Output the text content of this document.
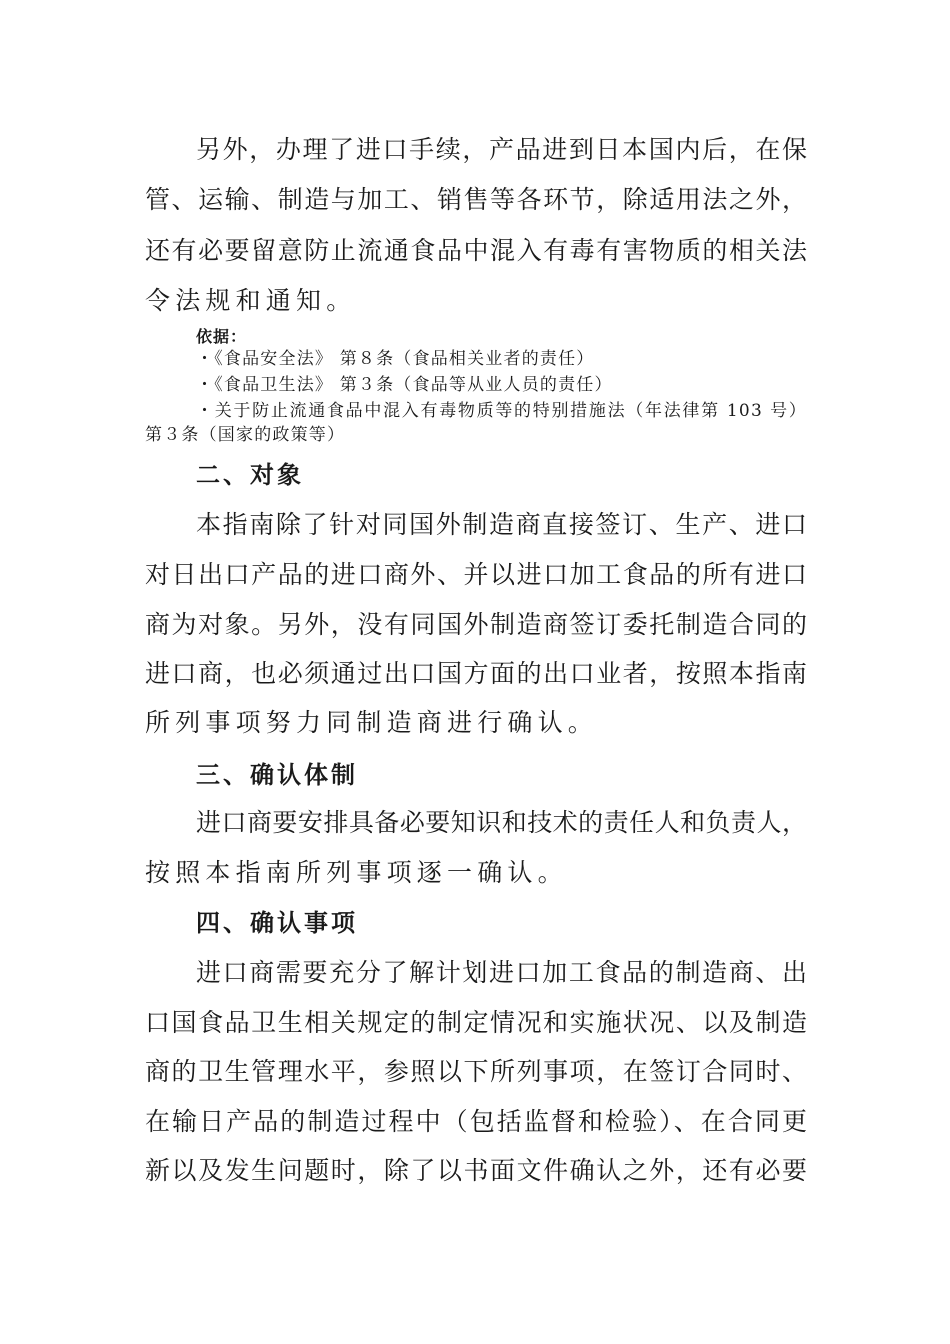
另外，办理了进口手续，产品进到日本国内后，在保
管、运输、制造与加工、销售等各环节，除适用法之外，
还有必要留意防止流通食品中混入有毒有害物质的相关法
令法规和通知。
依据：
・《食品安全法》 第８条（食品相关业者的责任）
・《食品卫生法》 第３条（食品等从业人员的责任）
・关于防止流通食品中混入有毒物质等的特别措施法（年法律第 103 号）
第３条（国家的政策等）
二、对象
本指南除了针对同国外制造商直接签订、生产、进口
对日出口产品的进口商外、并以进口加工食品的所有进口
商为对象。另外，没有同国外制造商签订委托制造合同的
进口商，也必须通过出口国方面的出口业者，按照本指南
所列事项努力同制造商进行确认。
三、确认体制
进口商要安排具备必要知识和技术的责任人和负责人，
按照本指南所列事项逐一确认。
四、确认事项
进口商需要充分了解计划进口加工食品的制造商、出
口国食品卫生相关规定的制定情况和实施状况、以及制造
商的卫生管理水平，参照以下所列事项，在签订合同时、
在输日产品的制造过程中（包括监督和检验）、在合同更
新以及发生问题时，除了以书面文件确认之外，还有必要
